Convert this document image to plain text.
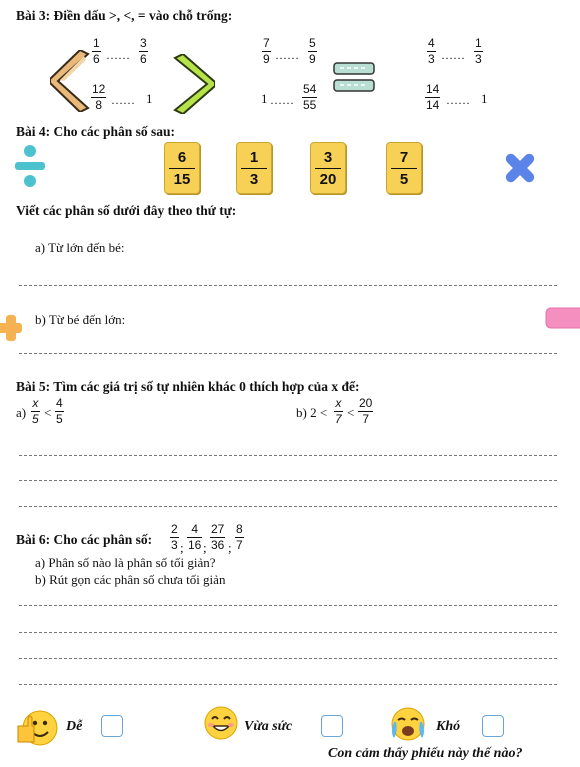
Bài 3: Điền dấu >, <, = vào chỗ trống:
1
6 ……
3
6
7
9 ……
5
9
4
3 ……
1
3
12
8 …… 1	1 ……
54
55
14
14 …… 1
Bài 4: Cho các phân số sau:
6
15
1
3
3
20
7
5
Viết các phân số dưới đây theo thứ tự:
a) Từ lớn đến bé:
b) Từ bé đến lớn:
Bài 5: Tìm các giá trị số tự nhiên khác 0 thích hợp của x để:
a)
x
5 <
4
5	b) 2 <
x
7 <
20
7
Bài 6: Cho các phân số:
2
3 ;
4
16 ;
27
36 ;
8
7
a) Phân số nào là phân số tối giản?
b) Rút gọn các phân số chưa tối giản
Dễ	Vừa sức	Khó
Con cảm thấy phiếu này thế nào?
